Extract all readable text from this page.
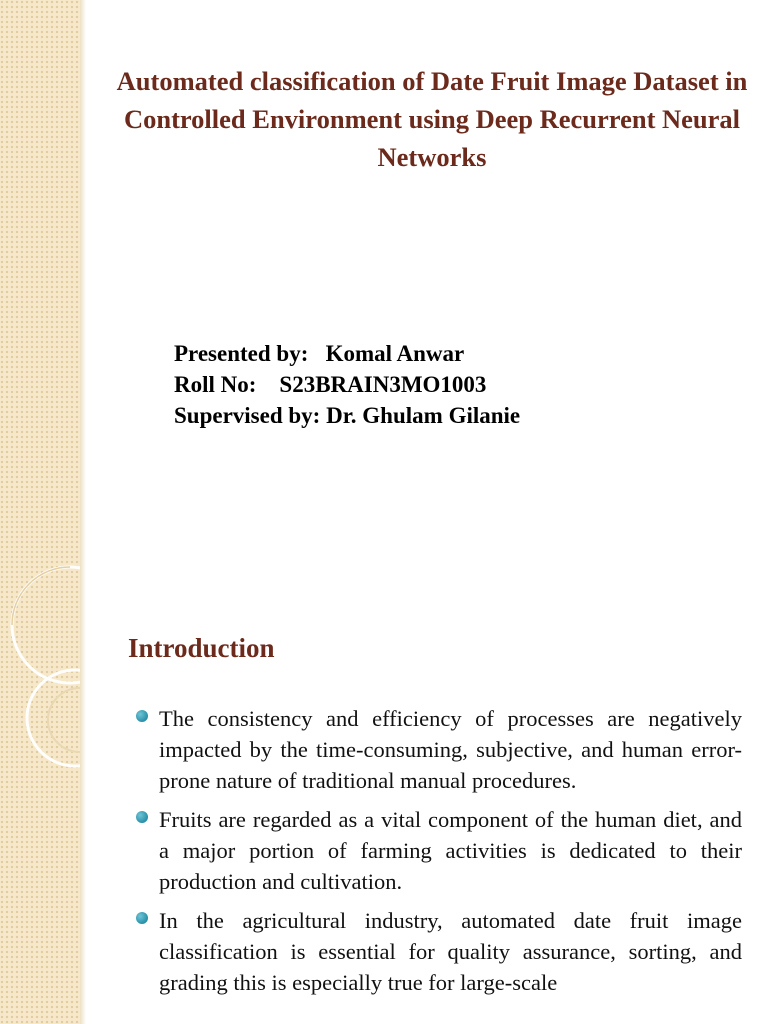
Automated classification of Date Fruit Image Dataset in Controlled Environment using Deep Recurrent Neural Networks
Presented by:   Komal Anwar
Roll No:    S23BRAIN3MO1003
Supervised by: Dr. Ghulam Gilanie
Introduction
The consistency and efficiency of processes are negatively impacted by the time-consuming, subjective, and human error-prone nature of traditional manual procedures.
Fruits are regarded as a vital component of the human diet, and a major portion of farming activities is dedicated to their production and cultivation.
In the agricultural industry, automated date fruit image classification is essential for quality assurance, sorting, and grading this is especially true for large-scale
